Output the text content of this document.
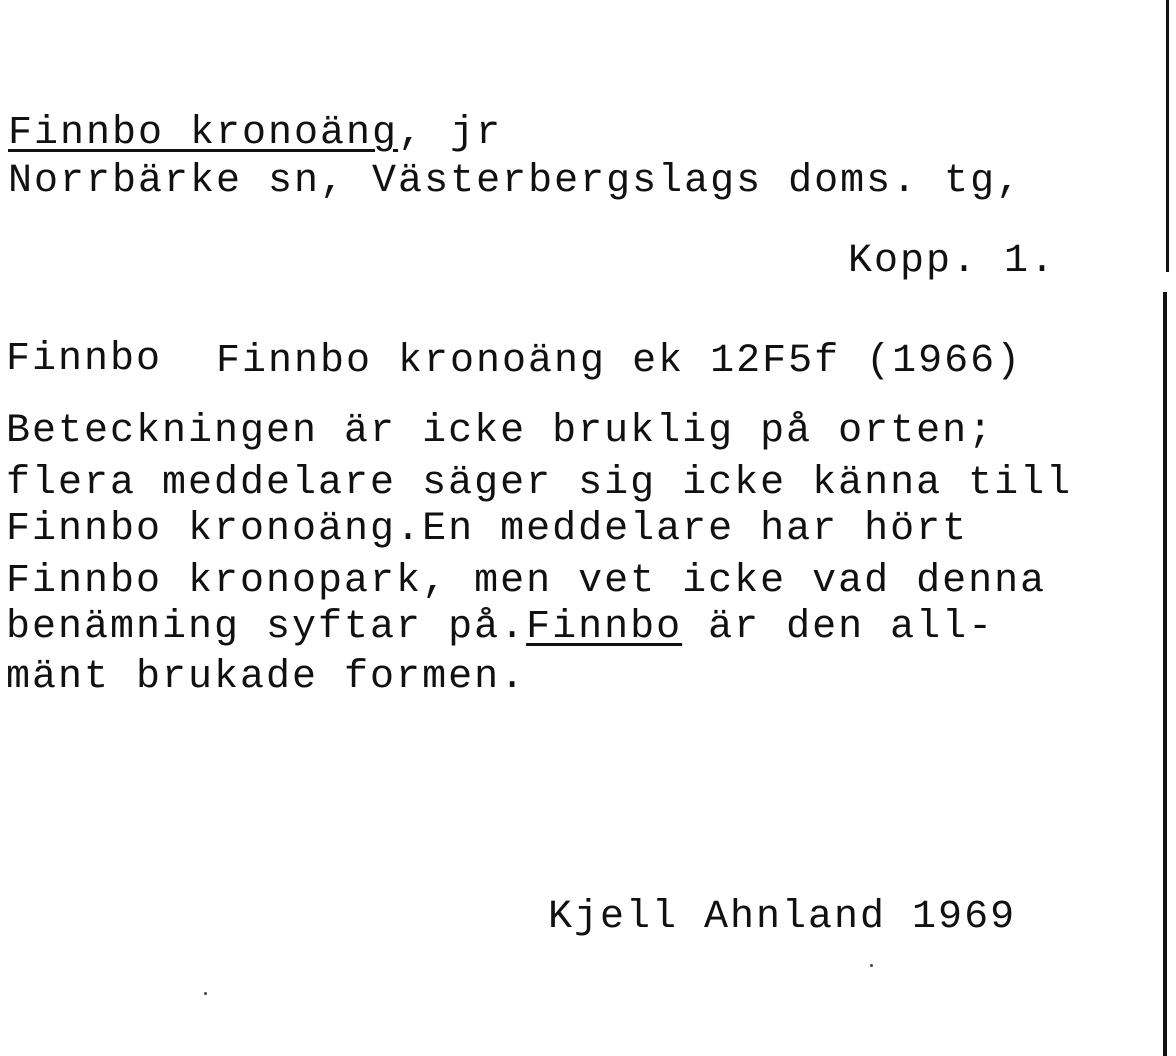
Finnbo kronoäng, jr
Norrbärke sn, Västerbergslags doms. tg,
Kopp. 1.
Finnbo Finnbo kronoäng ek 12F5f (1966)
Beteckningen är icke bruklig på orten;
flera meddelare säger sig icke känna till
Finnbo kronoäng.En meddelare har hört
Finnbo kronopark, men vet icke vad denna
benämning syftar på.Finnbo är den all-
mänt brukade formen.
Kjell Ahnland 1969
